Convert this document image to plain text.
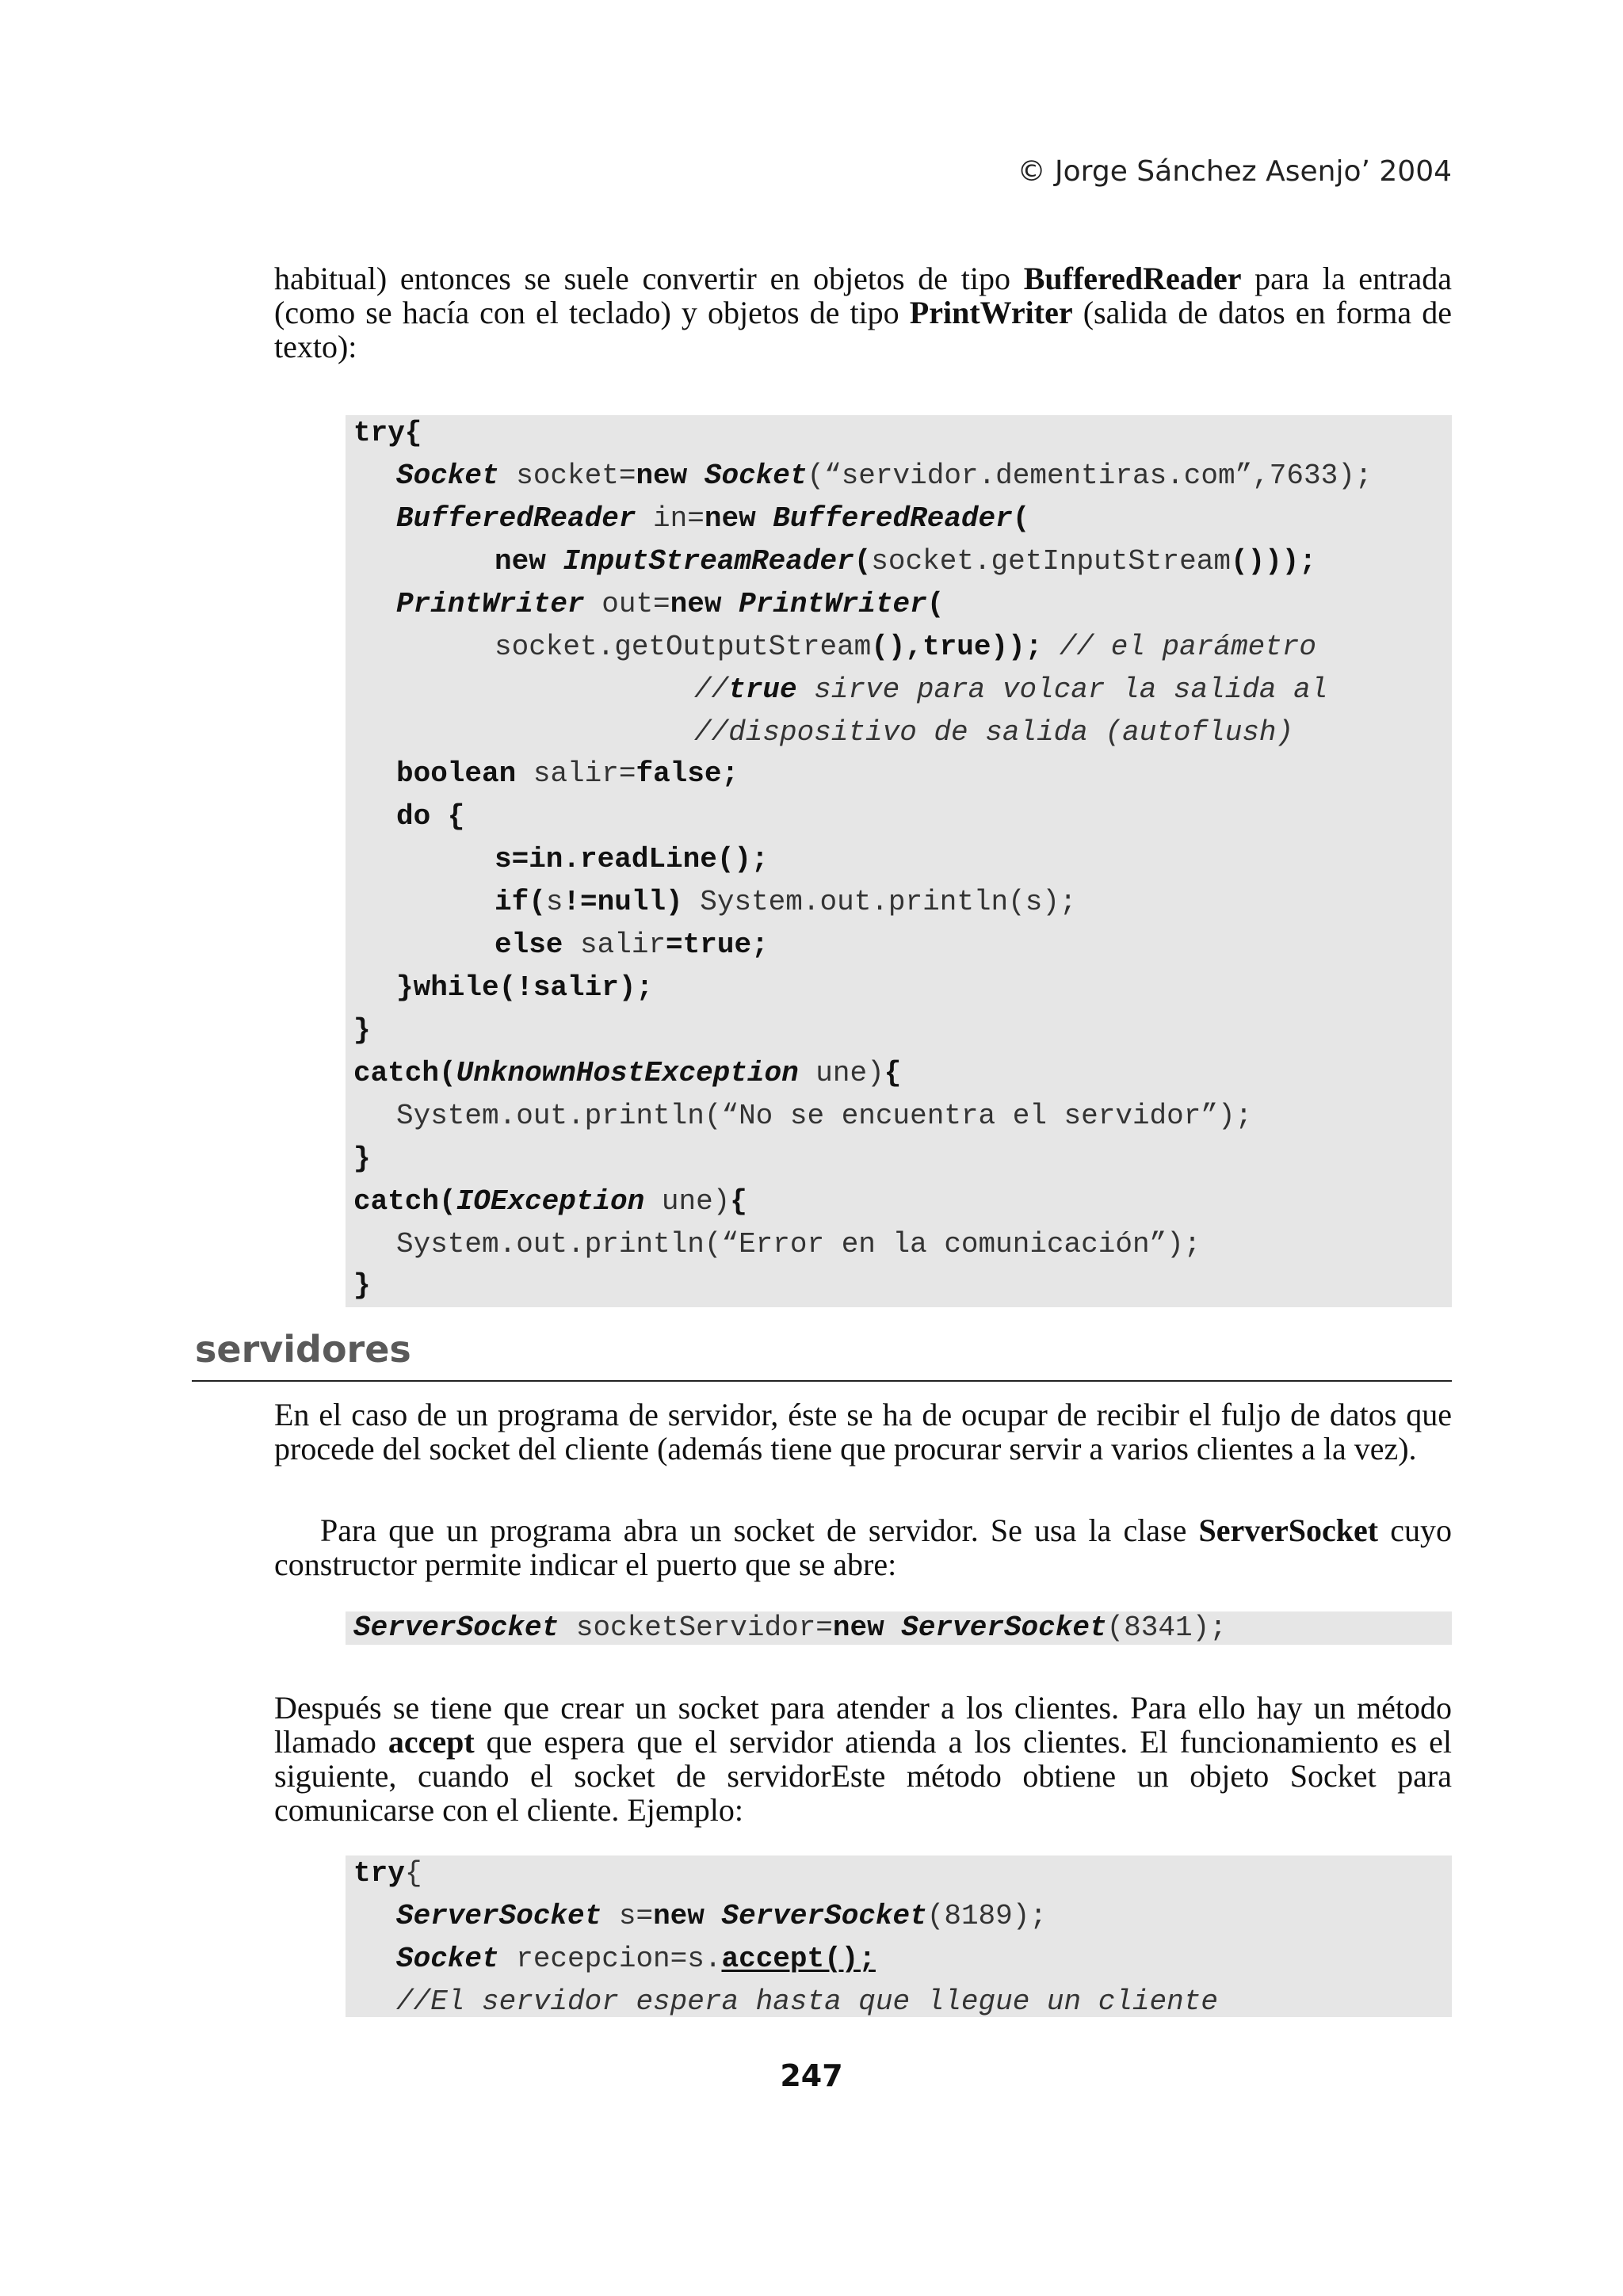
© Jorge Sánchez Asenjo’ 2004

habitual) entonces se suele convertir en objetos de tipo BufferedReader para la entrada (como se hacía con el teclado) y objetos de tipo PrintWriter (salida de datos en forma de texto):

try{
Socket socket=new Socket(“servidor.dementiras.com”,7633);
BufferedReader in=new BufferedReader(
new InputStreamReader(socket.getInputStream()));
PrintWriter out=new PrintWriter(
socket.getOutputStream(),true)); // el parámetro
//true sirve para volcar la salida al
//dispositivo de salida (autoflush)
boolean salir=false;
do {
s=in.readLine();
if(s!=null) System.out.println(s);
else salir=true;
}while(!salir);
}
catch(UnknownHostException une){
System.out.println(“No se encuentra el servidor”);
}
catch(IOException une){
System.out.println(“Error en la comunicación”);
}
servidores

En el caso de un programa de servidor, éste se ha de ocupar de recibir el fuljo de datos que procede del socket del cliente (además tiene que procurar servir a varios clientes a la vez).

Para que un programa abra un socket de servidor. Se usa la clase ServerSocket cuyo constructor permite indicar el puerto que se abre:

ServerSocket socketServidor=new ServerSocket(8341);

Después se tiene que crear un socket para atender a los clientes. Para ello hay un método llamado accept que espera que el servidor atienda a los clientes. El funcionamiento es el siguiente, cuando el socket de servidorEste método obtiene un objeto Socket para comunicarse con el cliente. Ejemplo:

try{
ServerSocket s=new ServerSocket(8189);
Socket recepcion=s.accept();
//El servidor espera hasta que llegue un cliente
247
